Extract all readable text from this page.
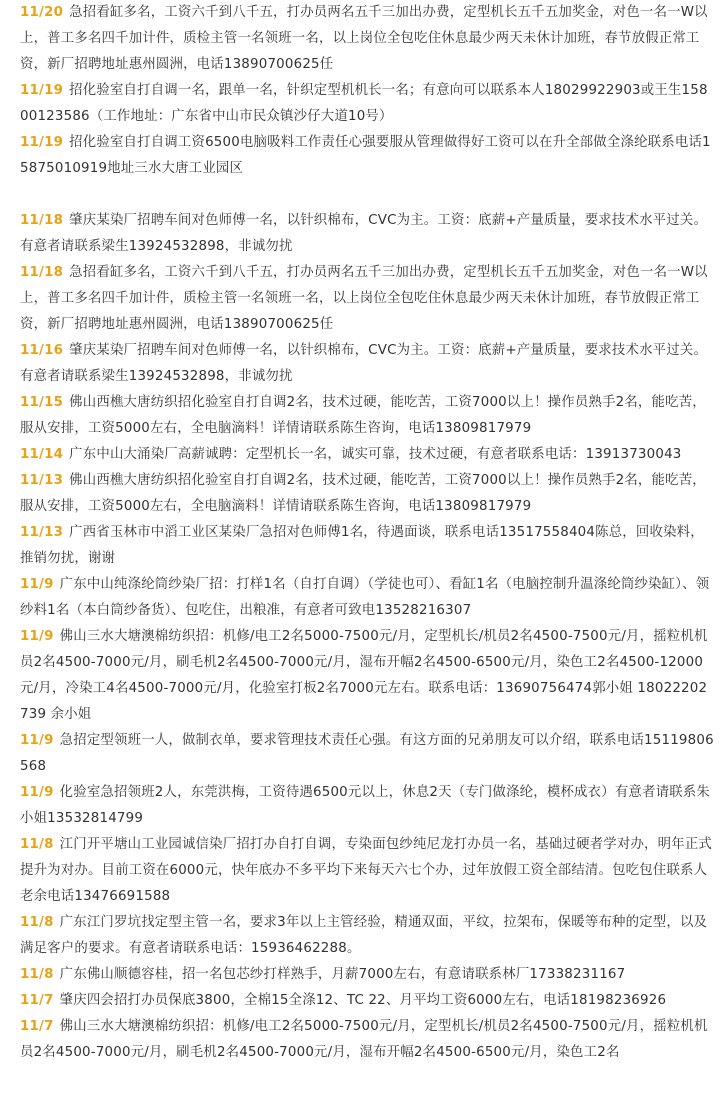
11/20 急招看缸多名，工资六千到八千五，打办员两名五千三加出办费，定型机长五千五加奖金，对色一名一W以上，普工多名四千加计件，质检主管一名领班一名，以上岗位全包吃住休息最少两天未休计加班，春节放假正常工资，新厂招聘地址惠州圆洲，电话13890700625任

11/19 招化验室自打自调一名，跟单一名，针织定型机机长一名；有意向可以联系本人18029922903或王生15800123586（工作地址：广东省中山市民众镇沙仔大道10号）

11/19 招化验室自打自调工资6500电脑吸料工作责任心强要服从管理做得好工资可以在升全部做全涤纶联系电话15875010919地址三水大唐工业园区

11/18 肇庆某染厂招聘车间对色师傅一名，以针织棉布，CVC为主。工资：底薪+产量质量，要求技术水平过关。有意者请联系梁生13924532898，非诚勿扰

11/18 急招看缸多名，工资六千到八千五，打办员两名五千三加出办费，定型机长五千五加奖金，对色一名一W以上，普工多名四千加计件，质检主管一名领班一名，以上岗位全包吃住休息最少两天未休计加班，春节放假正常工资，新厂招聘地址惠州圆洲，电话13890700625任

11/16 肇庆某染厂招聘车间对色师傅一名，以针织棉布，CVC为主。工资：底薪+产量质量，要求技术水平过关。有意者请联系梁生13924532898，非诚勿扰

11/15 佛山西樵大唐纺织招化验室自打自调2名，技术过硬，能吃苦，工资7000以上！操作员熟手2名，能吃苦，服从安排，工资5000左右，全电脑滴料！详情请联系陈生咨询，电话13809817979

11/14 广东中山大涌染厂高薪诚聘：定型机长一名，诚实可靠，技术过硬，有意者联系电话：13913730043

11/13 佛山西樵大唐纺织招化验室自打自调2名，技术过硬，能吃苦，工资7000以上！操作员熟手2名，能吃苦，服从安排，工资5000左右，全电脑滴料！详情请联系陈生咨询，电话13809817979

11/13 广西省玉林市中滔工业区某染厂急招对色师傅1名，待遇面谈，联系电话13517558404陈总，回收染料，推销勿扰，谢谢

11/9 广东中山纯涤纶筒纱染厂招：打样1名（自打自调）（学徒也可）、看缸1名（电脑控制升温涤纶筒纱染缸）、领纱料1名（本白筒纱备货）、包吃住，出粮准，有意者可致电13528216307

11/9 佛山三水大塘澳棉纺织招：机修/电工2名5000-7500元/月，定型机长/机员2名4500-7500元/月，摇粒机机员2名4500-7000元/月，刷毛机2名4500-7000元/月，湿布开幅2名4500-6500元/月，染色工2名4500-12000元/月，冷染工4名4500-7000元/月，化验室打板2名7000元左右。联系电话：13690756474郭小姐 18022202739 余小姐

11/9 急招定型领班一人，做制衣单，要求管理技术责任心强。有这方面的兄弟朋友可以介绍，联系电话15119806568

11/9 化验室急招领班2人，东莞洪梅，工资待遇6500元以上，休息2天（专门做涤纶，模杯成衣）有意者请联系朱小姐13532814799

11/8 江门开平塘山工业园诚信染厂招打办自打自调，专染面包纱纯尼龙打办员一名，基础过硬者学对办，明年正式提升为对办。目前工资在6000元，快年底办不多平均下来每天六七个办，过年放假工资全部结清。包吃包住联系人老余电话13476691588

11/8 广东江门罗坑找定型主管一名，要求3年以上主管经验，精通双面，平纹，拉架布，保暖等布种的定型，以及满足客户的要求。有意者请联系电话：15936462288。

11/8 广东佛山顺德容桂，招一名包芯纱打样熟手，月薪7000左右，有意请联系林厂17338231167

11/7 肇庆四会招打办员保底3800，全棉15全涤12、TC 22、月平均工资6000左右，电话18198236926

11/7 佛山三水大塘澳棉纺织招：机修/电工2名5000-7500元/月，定型机长/机员2名4500-7500元/月，摇粒机机员2名4500-7000元/月，刷毛机2名4500-7000元/月，湿布开幅2名4500-6500元/月，染色工2名
